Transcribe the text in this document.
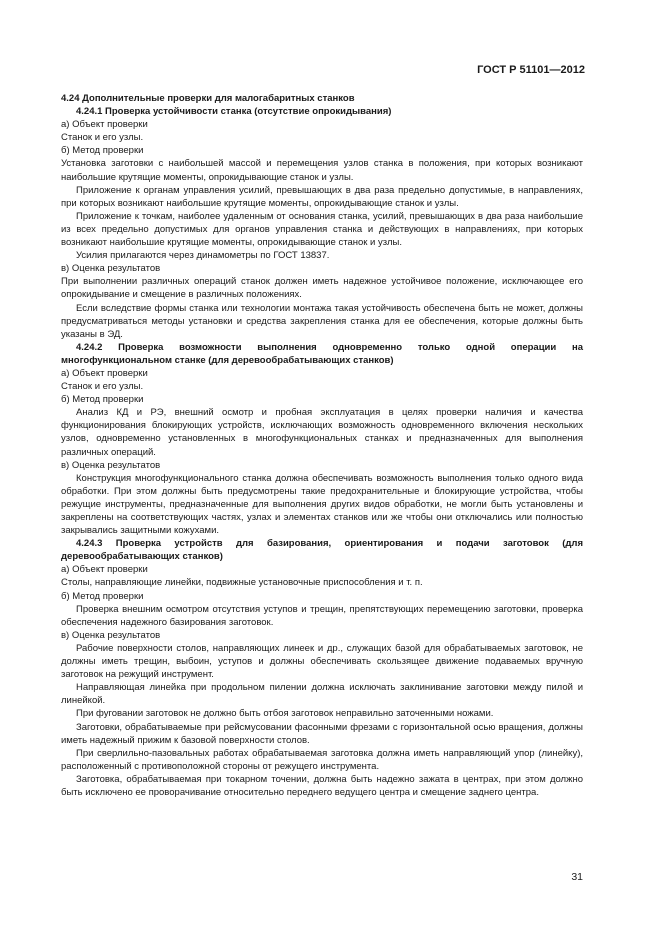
ГОСТ Р 51101—2012

4.24 Дополнительные проверки для малогабаритных станков

4.24.1 Проверка устойчивости станка (отсутствие опрокидывания)

а) Объект проверки

Станок и его узлы.

б) Метод проверки

Установка заготовки с наибольшей массой и перемещения узлов станка в положения, при которых возникают наибольшие крутящие моменты, опрокидывающие станок и узлы.

Приложение к органам управления усилий, превышающих в два раза предельно допустимые, в направлениях, при которых возникают наибольшие крутящие моменты, опрокидывающие станок и узлы.

Приложение к точкам, наиболее удаленным от основания станка, усилий, превышающих в два раза наибольшие из всех предельно допустимых для органов управления станка и действующих в направлениях, при которых возникают наибольшие крутящие моменты, опрокидывающие станок и узлы.

Усилия прилагаются через динамометры по ГОСТ 13837.

в) Оценка результатов

При выполнении различных операций станок должен иметь надежное устойчивое положение, исключающее его опрокидывание и смещение в различных положениях.

Если вследствие формы станка или технологии монтажа такая устойчивость обеспечена быть не может, должны предусматриваться методы установки и средства закрепления станка для ее обеспечения, которые должны быть указаны в ЭД.

4.24.2 Проверка возможности выполнения одновременно только одной операции на многофункциональном станке (для деревообрабатывающих станков)

а) Объект проверки

Станок и его узлы.

б) Метод проверки

Анализ КД и РЭ, внешний осмотр и пробная эксплуатация в целях проверки наличия и качества функционирования блокирующих устройств, исключающих возможность одновременного включения нескольких узлов, одновременно установленных в многофункциональных станках и предназначенных для выполнения различных операций.

в) Оценка результатов

Конструкция многофункционального станка должна обеспечивать возможность выполнения только одного вида обработки. При этом должны быть предусмотрены такие предохранительные и блокирующие устройства, чтобы режущие инструменты, предназначенные для выполнения других видов обработки, не могли быть установлены и закреплены на соответствующих частях, узлах и элементах станков или же чтобы они отключались или полностью закрывались защитными кожухами.

4.24.3 Проверка устройств для базирования, ориентирования и подачи заготовок (для деревообрабатывающих станков)

а) Объект проверки

Столы, направляющие линейки, подвижные установочные приспособления и т. п.

б) Метод проверки

Проверка внешним осмотром отсутствия уступов и трещин, препятствующих перемещению заготовки, проверка обеспечения надежного базирования заготовок.

в) Оценка результатов

Рабочие поверхности столов, направляющих линеек и др., служащих базой для обрабатываемых заготовок, не должны иметь трещин, выбоин, уступов и должны обеспечивать скользящее движение подаваемых вручную заготовок на режущий инструмент.

Направляющая линейка при продольном пилении должна исключать заклинивание заготовки между пилой и линейкой.

При фуговании заготовок не должно быть отбоя заготовок неправильно заточенными ножами.

Заготовки, обрабатываемые при рейсмусовании фасонными фрезами с горизонтальной осью вращения, должны иметь надежный прижим к базовой поверхности столов.

При сверлильно-пазовальных работах обрабатываемая заготовка должна иметь направляющий упор (линейку), расположенный с противоположной стороны от режущего инструмента.

Заготовка, обрабатываемая при токарном точении, должна быть надежно зажата в центрах, при этом должно быть исключено ее проворачивание относительно переднего ведущего центра и смещение заднего центра.

31
